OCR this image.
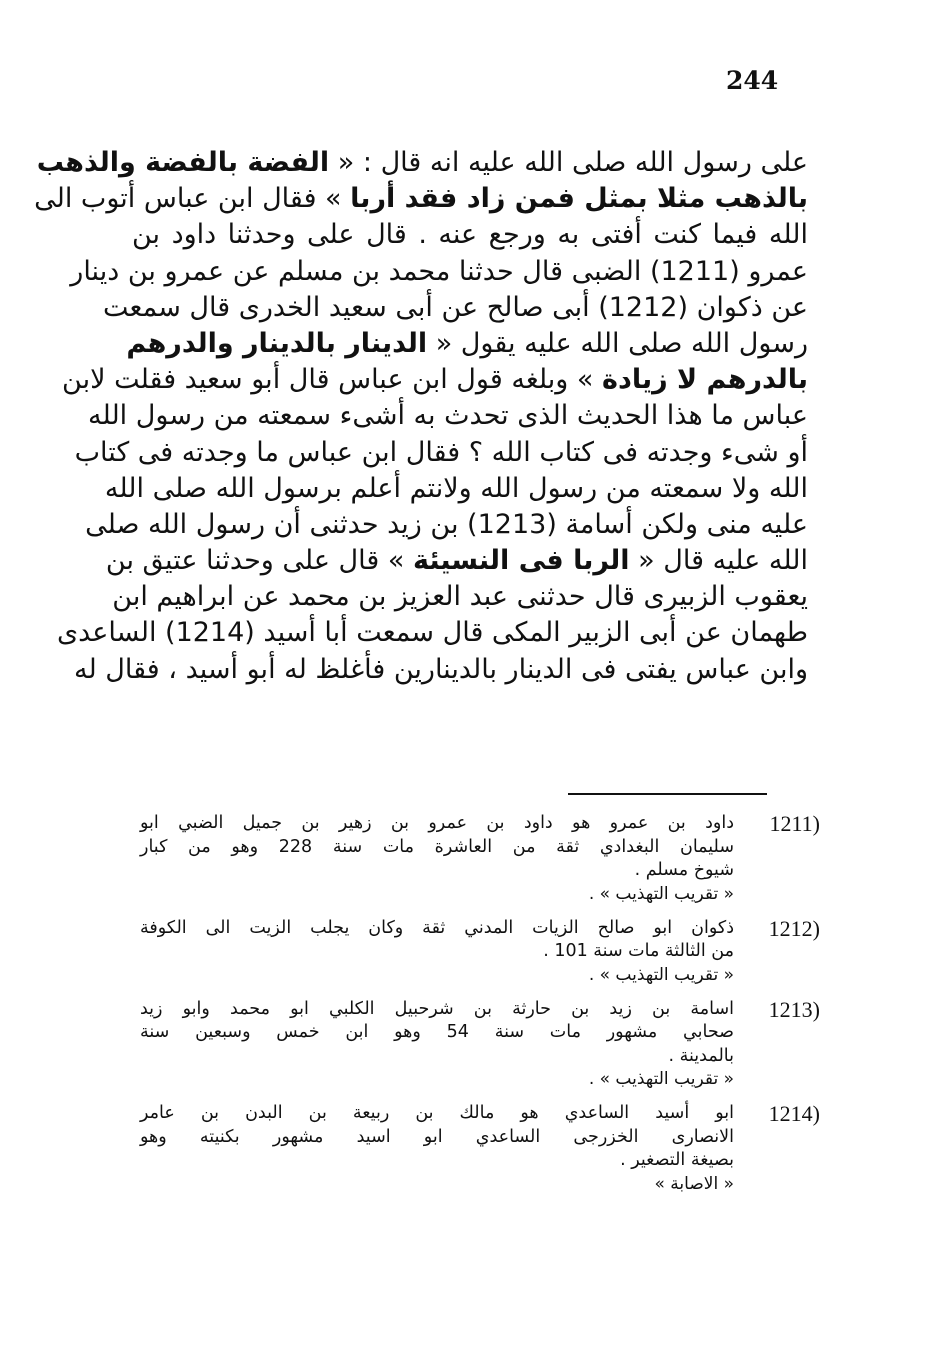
244
على رسول الله صلى الله عليه انه قال : « الفضة بالفضة والذهب
بالذهب مثلا بمثل فمن زاد فقد أربا » فقال ابن عباس أتوب الى
الله فيما كنت أفتى به ورجع عنه . قال على وحدثنا داود بن
عمرو (1211) الضبى قال حدثنا محمد بن مسلم عن عمرو بن دينار
عن ذكوان (1212) أبى صالح عن أبى سعيد الخدرى قال سمعت
رسول الله صلى الله عليه يقول « الدينار بالدينار والدرهم
بالدرهم لا زيادة » وبلغه قول ابن عباس قال أبو سعيد فقلت لابن
عباس ما هذا الحديث الذى تحدث به أشىء سمعته من رسول الله
أو شىء وجدته فى كتاب الله ؟ فقال ابن عباس ما وجدته فى كتاب
الله ولا سمعته من رسول الله ولانتم أعلم برسول الله صلى الله
عليه منى ولكن أسامة (1213) بن زيد حدثنى أن رسول الله صلى
الله عليه قال « الربا فى النسيئة » قال على وحدثنا عتيق بن
يعقوب الزبيرى قال حدثنى عبد العزيز بن محمد عن ابراهيم ابن
طهمان عن أبى الزبير المكى قال سمعت أبا أسيد (1214) الساعدى
وابن عباس يفتى فى الدينار بالدينارين فأغلظ له أبو أسيد ، فقال له
1211)
داود بن عمرو هو داود بن عمرو بن زهير بن جميل الضبي ابو
سليمان البغدادي ثقة من العاشرة مات سنة 228 وهو من كبار
شيوخ مسلم .
« تقريب التهذيب » .
1212)
ذكوان ابو صالح الزيات المدني ثقة وكان يجلب الزيت الى الكوفة
من الثالثة مات سنة 101 .
« تقريب التهذيب » .
1213)
اسامة بن زيد بن حارثة بن شرحبيل الكلبي ابو محمد وابو زيد
صحابي مشهور مات سنة 54 وهو ابن خمس وسبعين سنة
بالمدينة .
« تقريب التهذيب » .
1214)
ابو أسيد الساعدي هو مالك بن ربيعة بن البدن بن عامر
الانصارى الخزرجى الساعدي ابو اسيد مشهور بكنيته وهو
بصيغة التصغير .
« الاصابة »
